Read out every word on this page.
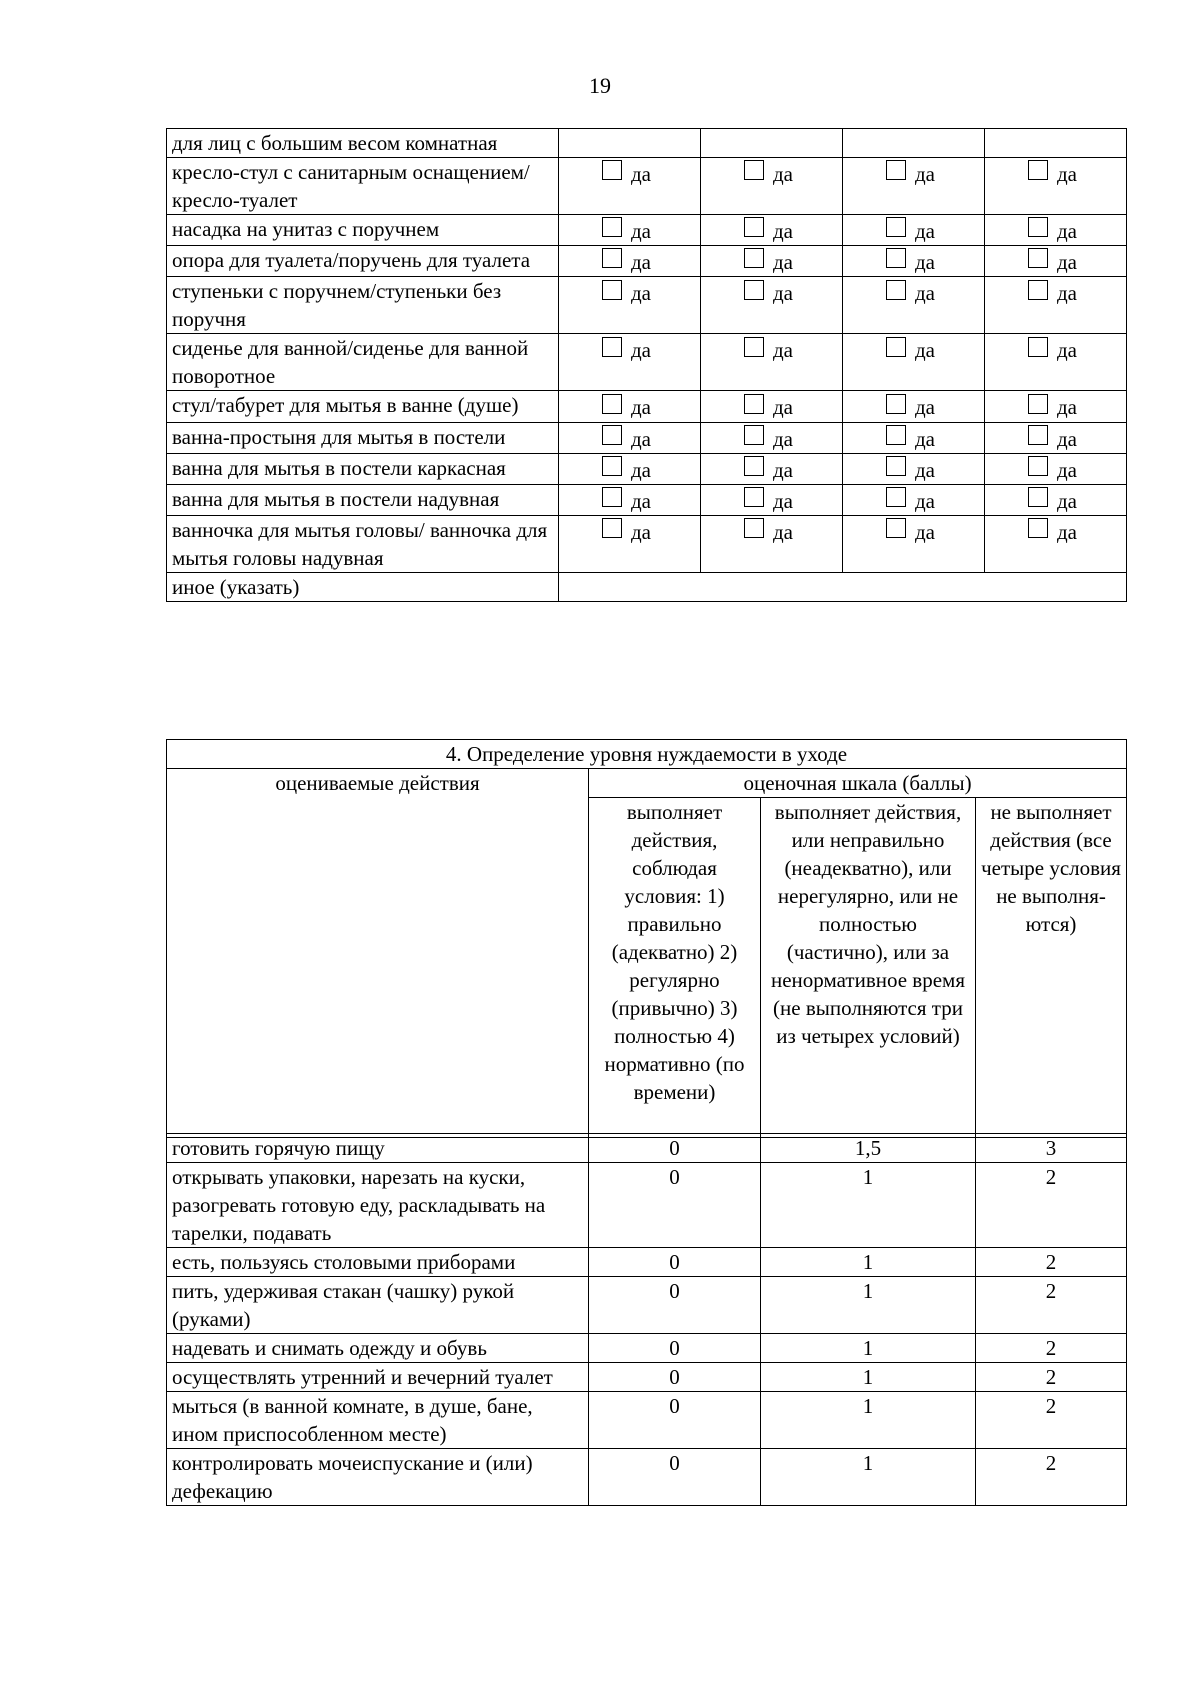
19
для лиц с большим весом комнатная				
кресло-стул с санитарным оснащением/кресло-туалет	да	да	да	да
насадка на унитаз с поручнем	да	да	да	да
опора для туалета/поручень для туалета	да	да	да	да
ступеньки с поручнем/ступеньки без поручня	да	да	да	да
сиденье для ванной/сиденье для ванной поворотное	да	да	да	да
стул/табурет для мытья в ванне (душе)	да	да	да	да
ванна-простыня для мытья в постели	да	да	да	да
ванна для мытья в постели каркасная	да	да	да	да
ванна для мытья в постели надувная	да	да	да	да
ванночка для мытья головы/ ванночка для мытья головы надувная	да	да	да	да
иное (указать)				
4. Определение уровня нуждаемости в уходе			
оцениваемые действия	оценочная шкала (баллы)		
	выполняет действия, соблюдая условия: 1) правильно (адекватно) 2) регулярно (привычно) 3) полностью 4) нормативно (по времени)	выполняет действия, или неправильно (неадекватно), или нерегулярно, или не полностью (частично), или за ненормативное время (не выполняются три из четырех условий)	не выполняет действия (все четыре условия не выполня-ются)
готовить горячую пищу	0	1,5	3
открывать упаковки, нарезать на куски, разогревать готовую еду, раскладывать на тарелки, подавать	0	1	2
есть, пользуясь столовыми приборами	0	1	2
пить, удерживая стакан (чашку) рукой (руками)	0	1	2
надевать и снимать одежду и обувь	0	1	2
осуществлять утренний и вечерний туалет	0	1	2
мыться (в ванной комнате, в душе, бане, ином приспособленном месте)	0	1	2
контролировать мочеиспускание и (или) дефекацию	0	1	2
